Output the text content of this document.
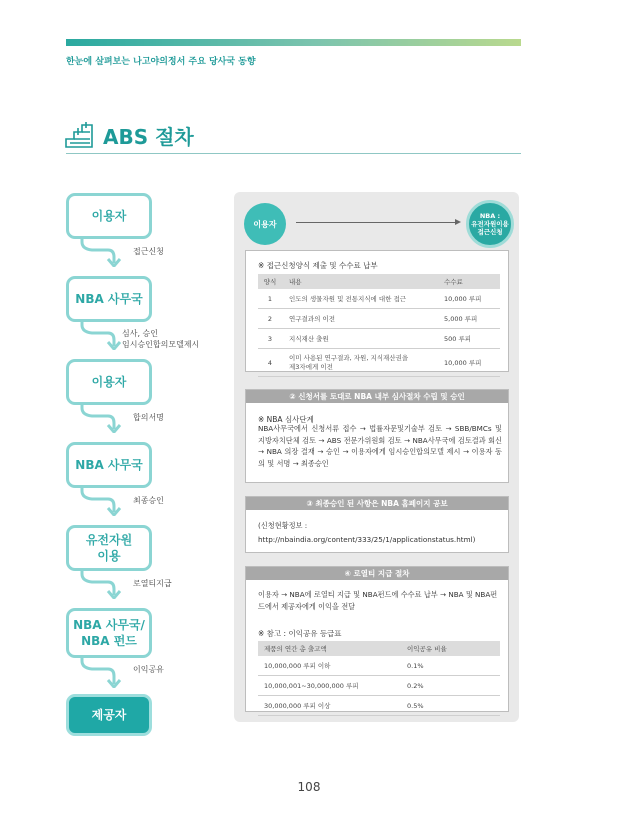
한눈에 살펴보는 나고야의정서 주요 당사국 동향
ABS 절차
이용자
NBA 사무국
이용자
NBA 사무국
유전자원
이용
NBA 사무국/
NBA 펀드
제공자
접근신청
심사, 승인
임시승인합의모델제시
합의서명
최종승인
로열티지급
이익공유
이용자
NBA :
유전자원이용
접근신청
※ 접근신청양식 제출 및 수수료 납부
양식	내용	수수료
1	인도의 생물자원 및 전통지식에 대한 접근	10,000 루피
2	연구결과의 이전	5,000 루피
3	지식재산 출원	500 루피
4	이미 사용된 연구결과, 자원, 지식재산권을
제3자에게 이전	10,000 루피
② 신청서를 토대로 NBA 내부 심사절차 수립 및 승인
※ NBA 심사단계
NBA사무국에서 신청서류 접수 → 법률자문및기술부 검토 → SBB/BMCs 및 지방자치단체 검토 → ABS 전문가위원회 검토 → NBA사무국에 검토결과 회신 → NBA 의장 결재 → 승인 → 이용자에게 임시승인합의모델 제시 → 이용자 동의 및 서명 → 최종승인
③ 최종승인 된 사항은 NBA 홈페이지 공보
(신청현황정보 :
http://nbaindia.org/content/333/25/1/applicationstatus.html)
④ 로열티 지급 절차
이용자 → NBA에 로열티 지급 및 NBA펀드에 수수료 납부 → NBA 및 NBA펀드에서 제공자에게 이익을 전달
※ 참고 : 이익공유 등급표
제품의 연간 총 출고액	이익공유 비율
10,000,000 루피 이하	0.1%
10,000,001~30,000,000 루피	0.2%
30,000,000 루피 이상	0.5%
108
